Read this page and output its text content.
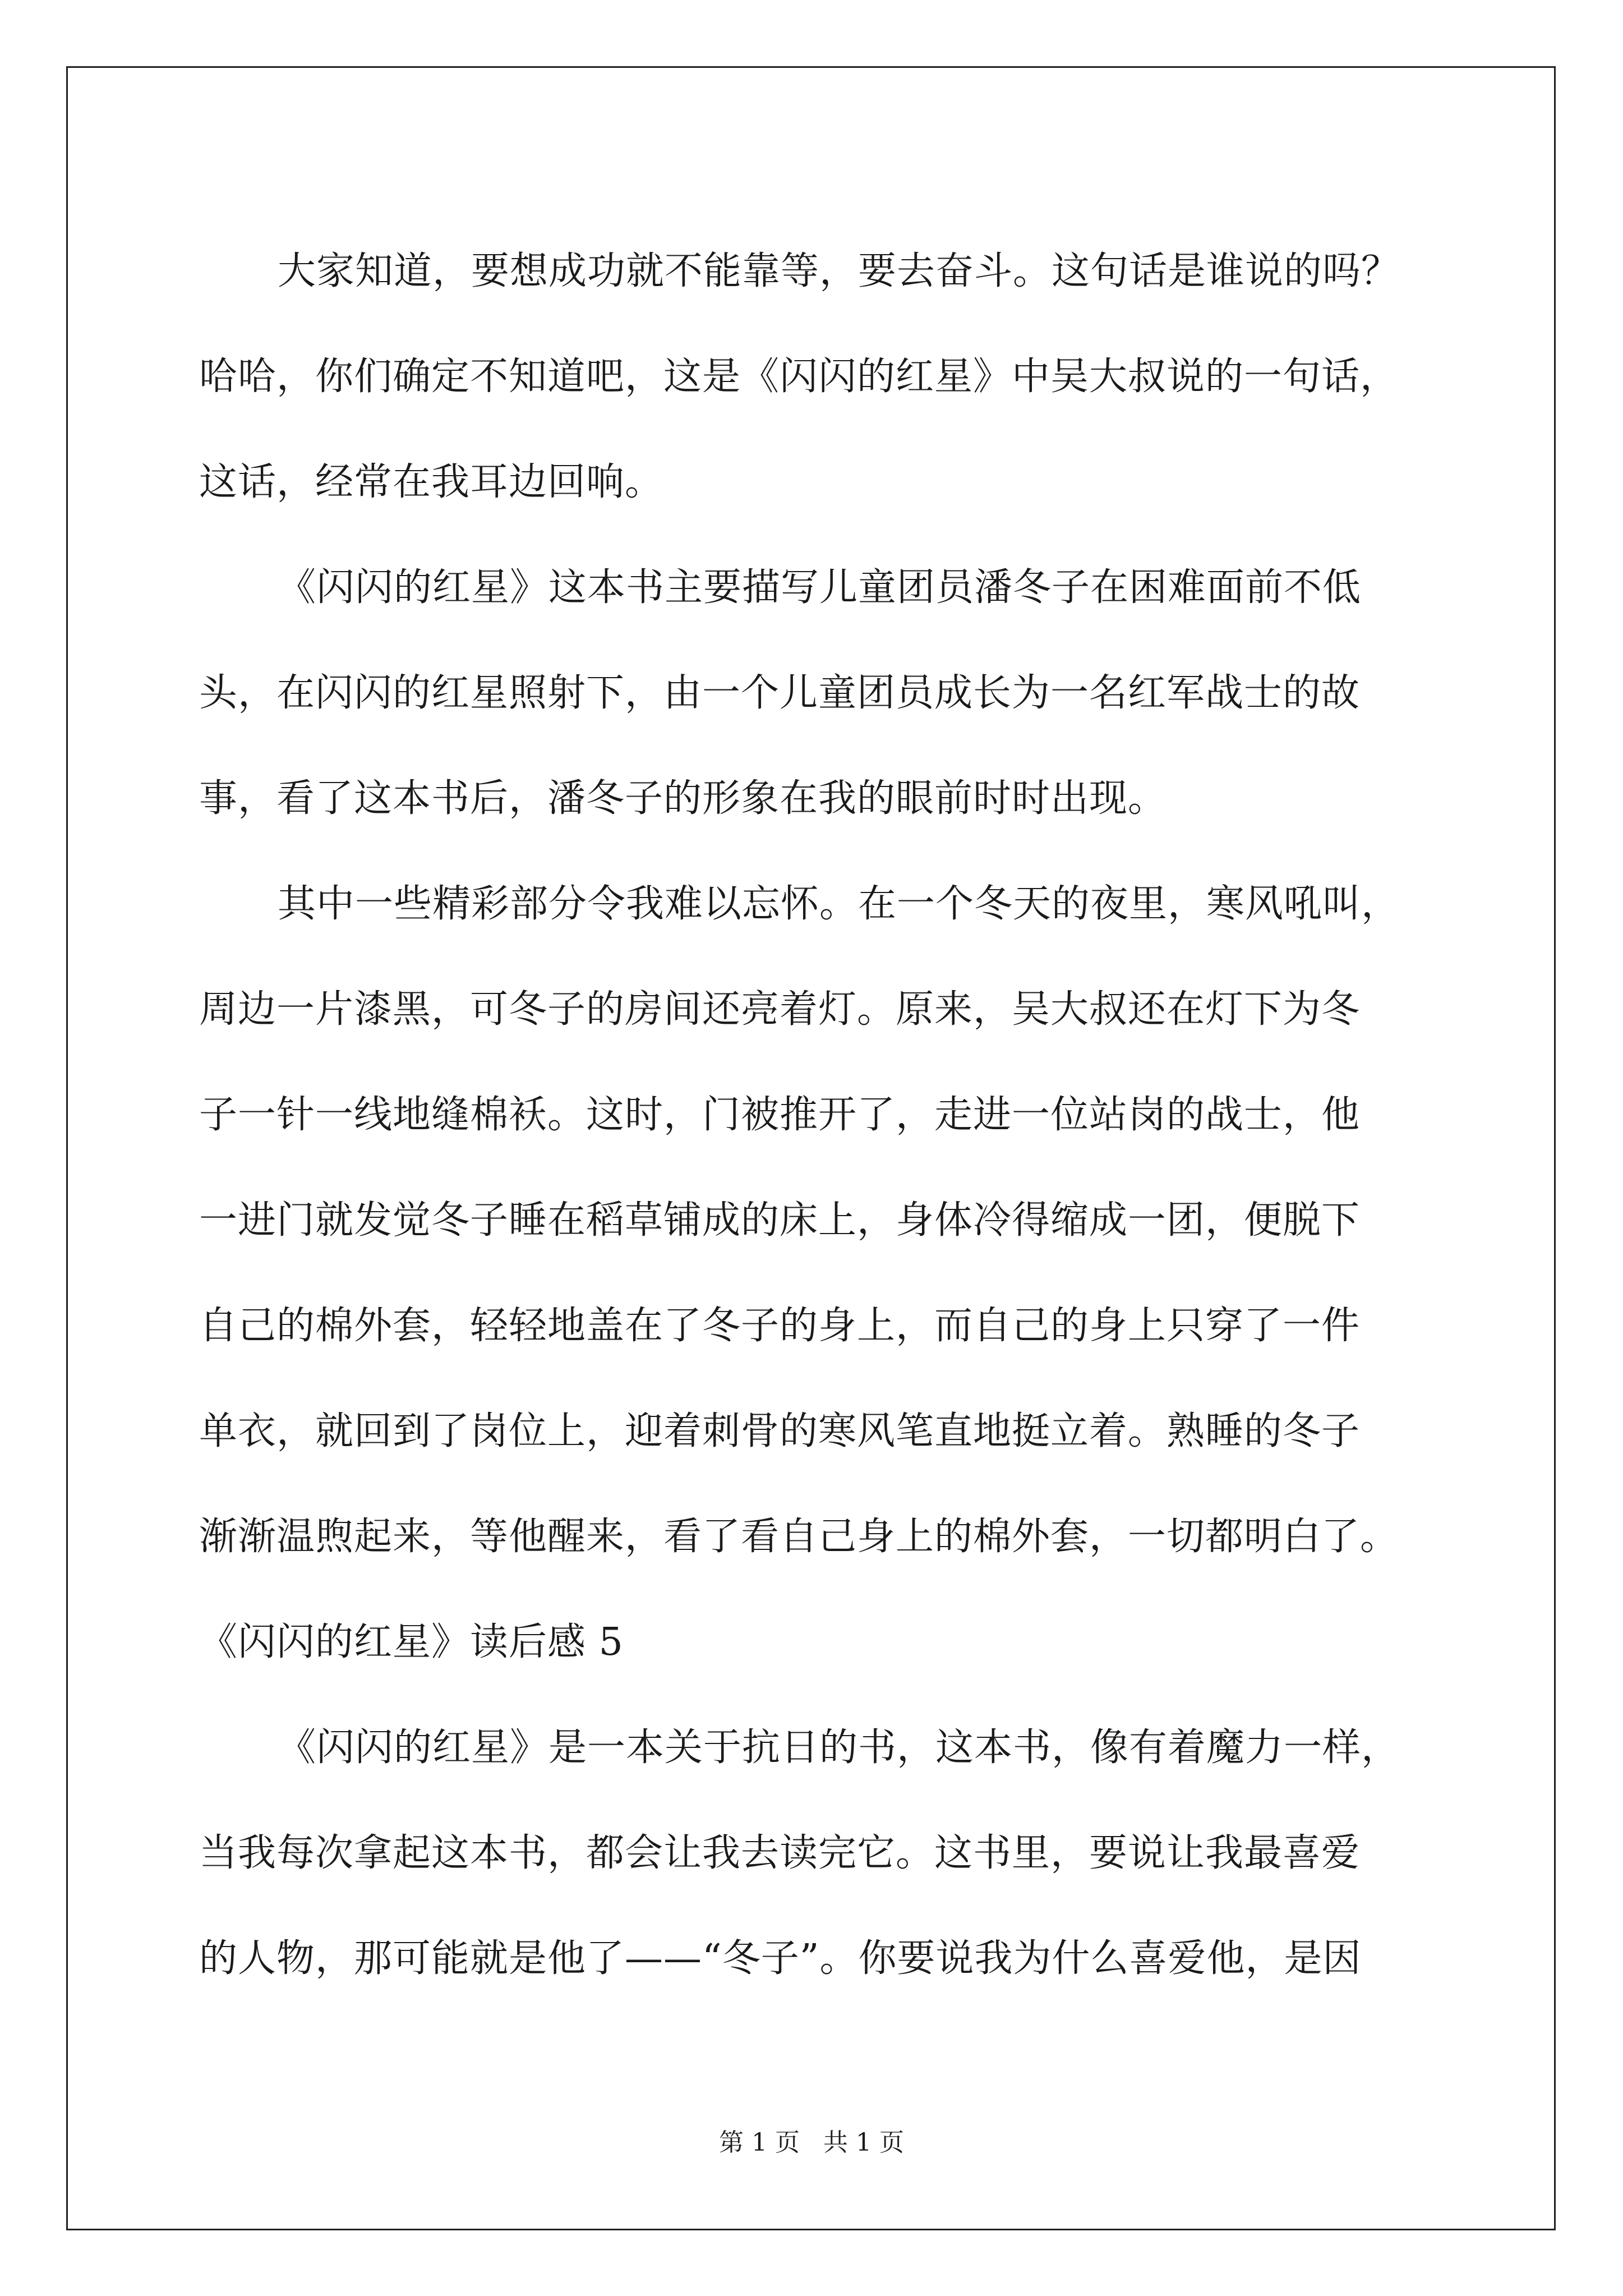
大家知道，要想成功就不能靠等，要去奋斗。这句话是谁说的吗？
哈哈，你们确定不知道吧，这是《闪闪的红星》中吴大叔说的一句话，
这话，经常在我耳边回响。
《闪闪的红星》这本书主要描写儿童团员潘冬子在困难面前不低
头，在闪闪的红星照射下，由一个儿童团员成长为一名红军战士的故
事，看了这本书后，潘冬子的形象在我的眼前时时出现。
其中一些精彩部分令我难以忘怀。在一个冬天的夜里，寒风吼叫，
周边一片漆黑，可冬子的房间还亮着灯。原来，吴大叔还在灯下为冬
子一针一线地缝棉袄。这时，门被推开了，走进一位站岗的战士，他
一进门就发觉冬子睡在稻草铺成的床上，身体冷得缩成一团，便脱下
自己的棉外套，轻轻地盖在了冬子的身上，而自己的身上只穿了一件
单衣，就回到了岗位上，迎着刺骨的寒风笔直地挺立着。熟睡的冬子
渐渐温煦起来，等他醒来，看了看自己身上的棉外套，一切都明白了。
《闪闪的红星》读后感 5
《闪闪的红星》是一本关于抗日的书，这本书，像有着魔力一样，
当我每次拿起这本书，都会让我去读完它。这书里，要说让我最喜爱
的人物，那可能就是他了——“冬子”。你要说我为什么喜爱他，是因
第 1 页 共 1 页
